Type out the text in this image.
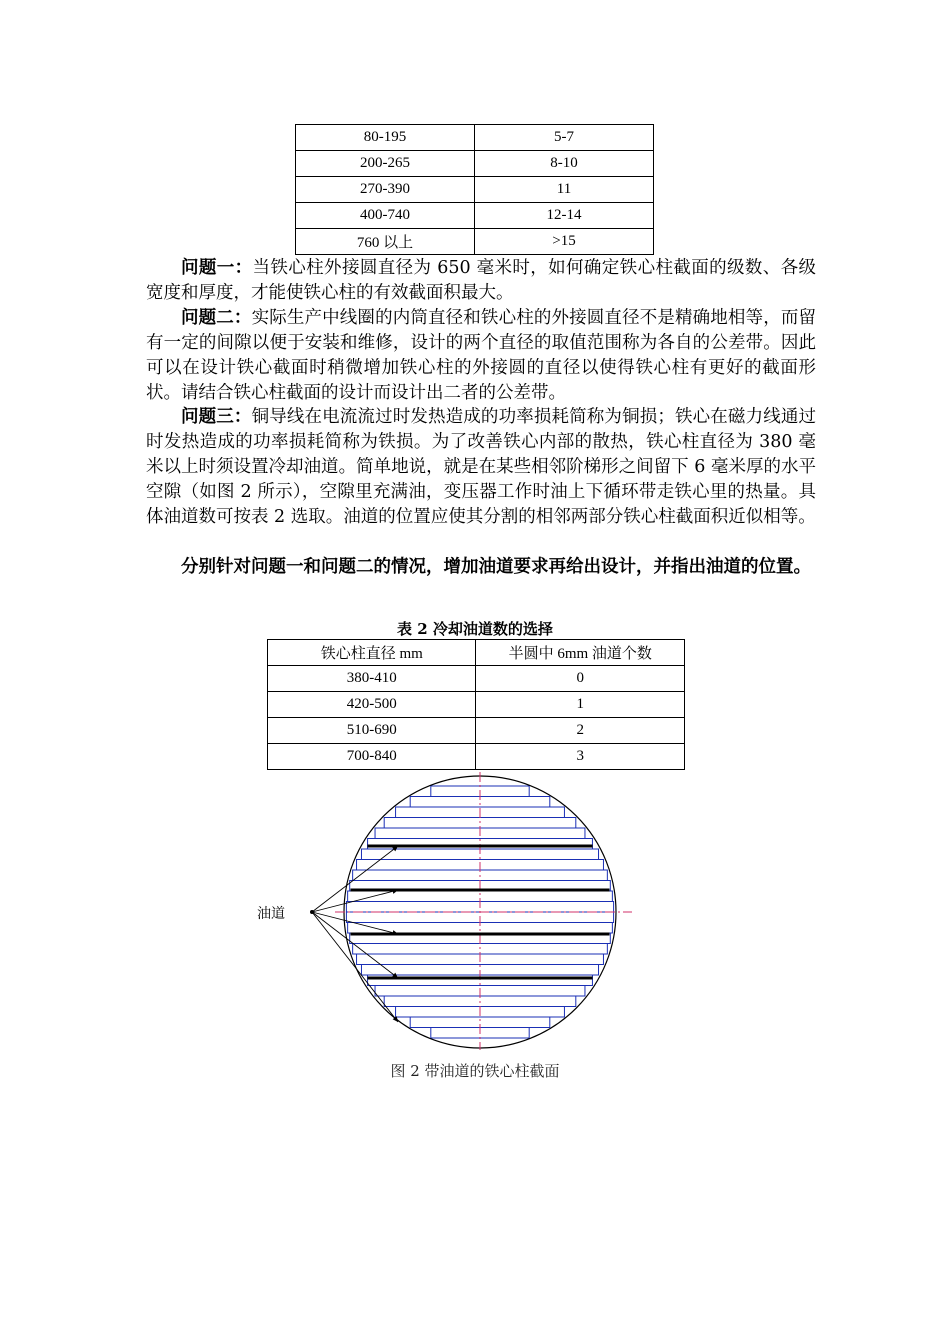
80-195	5-7
200-265	8-10
270-390	11
400-740	12-14
760 以上	>15

问题一：当铁心柱外接圆直径为 650 毫米时，如何确定铁心柱截面的级数、各级宽度和厚度，才能使铁心柱的有效截面积最大。

问题二：实际生产中线圈的内筒直径和铁心柱的外接圆直径不是精确地相等，而留有一定的间隙以便于安装和维修，设计的两个直径的取值范围称为各自的公差带。因此可以在设计铁心截面时稍微增加铁心柱的外接圆的直径以使得铁心柱有更好的截面形状。请结合铁心柱截面的设计而设计出二者的公差带。

问题三：铜导线在电流流过时发热造成的功率损耗简称为铜损；铁心在磁力线通过时发热造成的功率损耗简称为铁损。为了改善铁心内部的散热，铁心柱直径为 380 毫米以上时须设置冷却油道。简单地说，就是在某些相邻阶梯形之间留下 6 毫米厚的水平空隙（如图 2 所示），空隙里充满油，变压器工作时油上下循环带走铁心里的热量。具体油道数可按表 2 选取。油道的位置应使其分割的相邻两部分铁心柱截面积近似相等。

分别针对问题一和问题二的情况，增加油道要求再给出设计，并指出油道的位置。

表 2 冷却油道数的选择
铁心柱直径 mm	半圆中 6mm 油道个数
380-410	0
420-500	1
510-690	2
700-840	3
油道
图 2 带油道的铁心柱截面
